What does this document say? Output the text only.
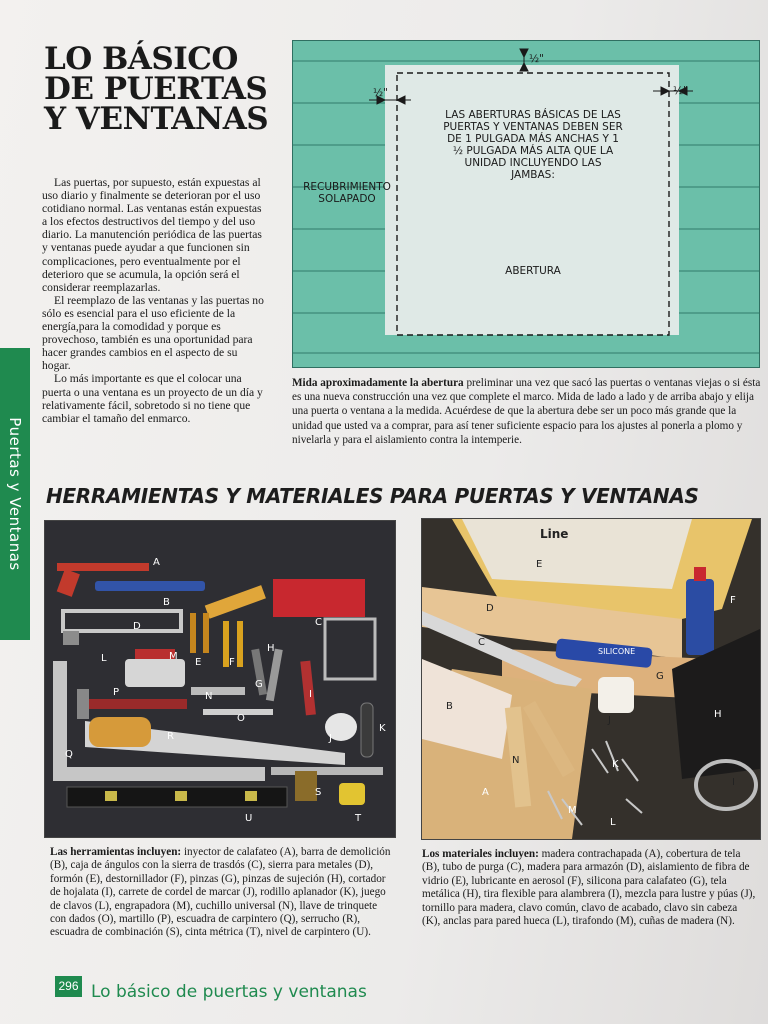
Puertas y Ventanas
LO BÁSICO DE PUERTAS Y VENTANAS

Las puertas, por supuesto, están expuestas al uso diario y finalmente se deterioran por el uso cotidiano normal. Las ventanas están expuestas a los efectos destructivos del tiempo y del uso diario. La manutención periódica de las puertas y ventanas puede ayudar a que funcionen sin complicaciones, pero eventualmente por el deterioro que se acumula, la opción será el considerar reemplazarlas.

El reemplazo de las ventanas y las puertas no sólo es esencial para el uso eficiente de la energía,para la comodidad y porque es provechoso, también es una oportunidad para hacer grandes cambios en el aspecto de su hogar.

Lo más importante es que el colocar una puerta o una ventana es un proyecto de un día y relativamente fácil, sobretodo si no tiene que cambiar el tamaño del enmarco.

½"
½"	½"
LAS ABERTURAS BÁSICAS DE LAS PUERTAS Y VENTANAS DEBEN SER DE 1 PULGADA MÁS ANCHAS Y 1 ½ PULGADA MÁS ALTA QUE LA UNIDAD INCLUYENDO LAS JAMBAS:
RECUBRIMIENTO SOLAPADO
ABERTURA

Mida aproximadamente la abertura preliminar una vez que sacó las puertas o ventanas viejas o si ésta es una nueva construcción una vez que complete el marco. Mida de lado a lado y de arriba abajo y elija una puerta o ventana a la medida. Acuérdese de que la abertura debe ser un poco más grande que la unidad que usted va a comprar, para así tener suficiente espacio para los ajustes al ponerla a plomo y nivelarla y para el aislamiento contra la intemperie.

HERRAMIENTAS Y MATERIALES PARA PUERTAS Y VENTANAS
A
B
C
D
E	F
G
H
I
J
K
L	M
N
O
P
Q
R
S
T
U
A
B
C
D
E
F
G
H
I
J
K
L
M
N
SILICONE
Line

Las herramientas incluyen: inyector de calafateo (A), barra de demolición (B), caja de ángulos con la sierra de trasdós (C), sierra para metales (D), formón (E), destornillador (F), pinzas (G), pinzas de sujeción (H), cortador de hojalata (I), carrete de cordel de marcar (J), rodillo aplanador (K), juego de clavos (L), engrapadora (M), cuchillo universal (N), llave de trinquete con dados (O), martillo (P), escuadra de carpintero (Q), serrucho (R), escuadra de combinación (S), cinta métrica (T), nivel de carpintero (U).

Los materiales incluyen: madera contrachapada (A), cobertura de tela (B), tubo de purga (C), madera para armazón (D), aislamiento de fibra de vidrio (E), lubricante en aerosol (F), silicona para calafateo (G), tela metálica (H), tira flexible para alambrera (I), mezcla para lustre y púas (J), tornillo para madera, clavo común, clavo de acabado, clavo sin cabeza (K), anclas para pared hueca (L), tirafondo (M), cuñas de madera (N).

296 Lo básico de puertas y ventanas
